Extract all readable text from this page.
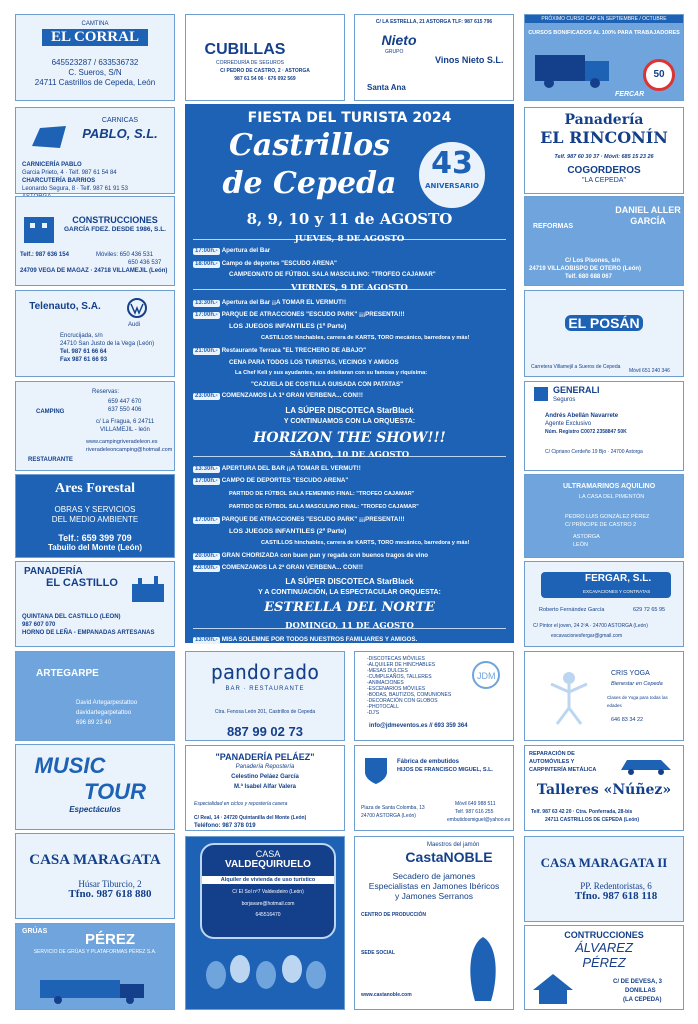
CAMTINA
EL CORRAL
645523287 / 633536732
C. Sueros, S/N
24711 Castrillos de Cepeda, León
CARNICAS
PABLO, S.L.
CARNICERÍA PABLO
Garcia Prieto, 4 · Telf. 987 61 54 84
CHARCUTERÍA BARRIOS
Leonardo Segura, 8 · Telf. 987 61 91 53
CONSTRUCCIONES
GARCÍA FDEZ. DESDE 1986, S.L.
Telf.: 987 636 154	Móviles: 650 436 531
650 436 537
24709 VEGA DE MAGAZ · 24718 VILLAMEJIL (León)
Telenauto, S.A.
Audi
Encrucijada, s/n
24710 San Justo de la Vega (León)
Tel. 987 61 66 64
Fax 987 61 66 93
Reservas:
659 447 670
637 550 406
CAMPING
c/ La Fragua, 6 24711
VILLAMEJIL - león
www.campingriveradeleon.es
riveradeleoncamping@hotmail.com
RESTAURANTE
Ares Forestal
OBRAS Y SERVICIOS
DEL MEDIO AMBIENTE
Telf.: 659 399 709
Tabuilo del Monte (León)
PANADERÍA
EL CASTILLO
QUINTANA DEL CASTILLO (LEON)
987 607 070
HORNO DE LEÑA - EMPANADAS ARTESANAS
ARTEGARPE
David Artegarpestattoo
davidartegarpetattoo
696 89 23 40
MUSIC
TOUR
Espectáculos
CASA MARAGATA
Húsar Tiburcio, 2
Tfno. 987 618 880
GRÚAS	PÉREZ
SERVICIO DE GRÚAS Y PLATAFORMAS PÉREZ S.A.
CUBILLAS
CORREDURÍA DE SEGUROS
C/ PEDRO DE CASTRO, 2 · ASTORGA
987 61 54 06 · 676 092 569
C/ LA ESTRELLA, 21 ASTORGA TLF: 987 615 796
Nieto
GRUPO
Vinos Nieto S.L.
Santa Ana
FIESTA DEL TURISTA 2024
Castrillos
de Cepeda
43
ANIVERSARIO
8, 9, 10 y 11 de AGOSTO
JUEVES, 8 DE AGOSTO
17:00h.- Apertura del Bar
18:00h.- Campo de deportes "ESCUDO ARENA"
CAMPEONATO DE FÚTBOL SALA MASCULINO: "TROFEO CAJAMAR"
VIERNES, 9 DE AGOSTO
13:30h.- Apertura del Bar ¡¡A TOMAR EL VERMUT!!
17:00h.- PARQUE DE ATRACCIONES "ESCUDO PARK" ¡¡¡PRESENTA!!!
LOS JUEGOS INFANTILES (1ª Parte)
CASTILLOS hinchables, carrera de KARTS, TORO mecánico, barredora y más!
21:00h.- Restaurante Terraza "EL TRECHERO DE ABAJO"
CENA PARA TODOS LOS TURISTAS, VECINOS Y AMIGOS
La Chef Keli y sus ayudantes, nos deleitaran con su famosa y riquísima:
"CAZUELA DE COSTILLA GUISADA CON PATATAS"
23:00h.- COMENZAMOS LA 1ª GRAN VERBENA... CON!!!
LA SÚPER DISCOTECA StarBlack
Y CONTINUAMOS CON LA ORQUESTA:
HORIZON THE SHOW!!!
SÁBADO, 10 DE AGOSTO
13:30h.- APERTURA DEL BAR ¡¡A TOMAR EL VERMUT!!
17:00h.- CAMPO DE DEPORTES "ESCUDO ARENA"
PARTIDO DE FÚTBOL SALA FEMENINO FINAL: "TROFEO CAJAMAR"
PARTIDO DE FÚTBOL SALA MASCULINO FINAL: "TROFEO CAJAMAR"
17:00h.- PARQUE DE ATRACCIONES "ESCUDO PARK" ¡¡¡PRESENTA!!!
LOS JUEGOS INFANTILES (2ª Parte)
CASTILLOS hinchables, carrera de KARTS, TORO mecánico, barredora y más!
20:00h.- GRAN CHORIZADA con buen pan y regada con buenos tragos de vino
23:00h.- COMENZAMOS LA 2ª GRAN VERBENA... CON!!!
LA SÚPER DISCOTECA StarBlack
Y A CONTINUACIÓN, LA ESPECTACULAR ORQUESTA:
ESTRELLA DEL NORTE
DOMINGO, 11 DE AGOSTO
13:00h.- MISA SOLEMNE POR TODOS NUESTROS FAMILIARES Y AMIGOS.
pandorado
BAR · RESTAURANTE
Ctra. Fenosa León 201, Castrillos de Cepeda
887 99 02 73
-DISCOTECAS MÓVILES
-ALQUILER DE HINCHABLES
-MESAS DULCES
-CUMPLEAÑOS, TALLERES
-ANIMACIONES
-ESCENARIOS MÓVILES
-BODAS, BAUTIZOS, COMUNIONES
-DECORACIÓN CON GLOBOS
-PHOTOCALL
-DJ'S
info@jdmeventos.es // 693 359 364
JDM
"PANADERÍA PELÁEZ"
Panadería Repostería
Celestino Peláez García
M.ª Isabel Alfar Valera
Especialidad en ciclos y repostería casera
C/ Real, 14 · 24720 Quintanilla del Monte (León)
Teléfono: 987 378 019
Fábrica de embutidos
HIJOS DE FRANCISCO MIGUEL, S.L.
Plaza de Santa Colomba, 13
24700 ASTORGA (León)
Móvil 649 988 511
Telf. 987 616 255
embutidosmiguel@yahoo.es
CASA
VALDEQUIRUELO
Alquiler de vivienda de uso turístico
C/ El Sol nº7 Valdesdeiro (León)
borjavare@hotmail.com
645516470
Maestros del jamón
CastaNOBLE
Secadero de jamones
Especialistas en Jamones Ibéricos
y Jamones Serranos
CENTRO DE PRODUCCIÓN
SEDE SOCIAL
www.castanoble.com
PRÓXIMO CURSO CAP EN SEPTIEMBRE / OCTUBRE
CURSOS BONIFICADOS AL 100% PARA TRABAJADORES
50
FERCAR
Panadería
EL RINCONÍN
Telf. 987 60 30 37 · Móvil: 685 15 23 26
COGORDEROS
"LA CEPEDA"
REFORMAS
DANIEL ALLER GARCÍA
C/ Los Pisones, s/n
24719 VILLAOBISPO DE OTERO (León)
Telf. 680 688 067
EL POSÁN
Carretera Villamejil a Sueros de Cepeda
Móvil 651 240 346
GENERALI
Seguros
Andrés Abellán Navarrete
Agente Exclusivo
Núm. Registro C0072 2358847 50K
C/ Cipriano Cerdeño 19 Bjo · 24700 Astorga
ULTRAMARINOS AQUILINO
LA CASA DEL PIMENTÓN
PEDRO LUIS GONZÁLEZ PÉREZ
C/ PRÍNCIPE DE CASTRO 2
ASTORGA
LEÓN
FERGAR, S.L.
EXCAVACIONES Y CONTRATAS
Roberto Fernández García	629 72 65 95
C/ Pintor el joven, 24 2ºA · 24700 ASTORGA (León)
excavacionesfergar@gmail.com
CRIS YOGA
Bienestar en Cepeda
Clases de Yoga para todas las edades
646 83 34 22
REPARACIÓN DE AUTOMÓVILES Y CARPINTERÍA METÁLICA
Talleres «Núñez»
Telf. 987 63 42 20 · Ctra. Ponferrada, 28-bis
24711 CASTRILLOS DE CEPEDA (León)
CASA MARAGATA II
PP. Redentoristas, 6
Tfno. 987 618 118
CONTRUCCIONES
ÁLVAREZ
PÉREZ
C/ DE DEVESA, 3
DONILLAS
(LA CEPEDA)
